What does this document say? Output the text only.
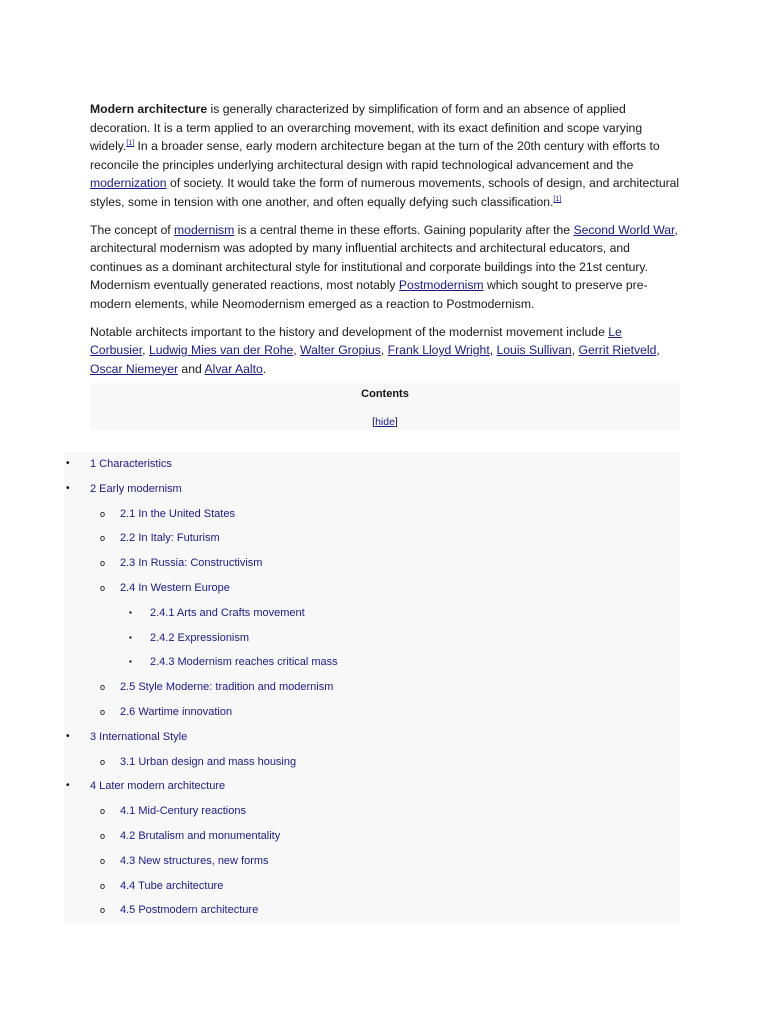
Modern architecture is generally characterized by simplification of form and an absence of applied decoration. It is a term applied to an overarching movement, with its exact definition and scope varying widely.[1] In a broader sense, early modern architecture began at the turn of the 20th century with efforts to reconcile the principles underlying architectural design with rapid technological advancement and the modernization of society. It would take the form of numerous movements, schools of design, and architectural styles, some in tension with one another, and often equally defying such classification.[1]

The concept of modernism is a central theme in these efforts. Gaining popularity after the Second World War, architectural modernism was adopted by many influential architects and architectural educators, and continues as a dominant architectural style for institutional and corporate buildings into the 21st century. Modernism eventually generated reactions, most notably Postmodernism which sought to preserve pre-modern elements, while Neomodernism emerged as a reaction to Postmodernism.

Notable architects important to the history and development of the modernist movement include Le Corbusier, Ludwig Mies van der Rohe, Walter Gropius, Frank Lloyd Wright, Louis Sullivan, Gerrit Rietveld, Oscar Niemeyer and Alvar Aalto.

Contents
[hide]
• 1 Characteristics
• 2 Early modernism
o 2.1 In the United States
o 2.2 In Italy: Futurism
o 2.3 In Russia: Constructivism
o 2.4 In Western Europe
▪ 2.4.1 Arts and Crafts movement
▪ 2.4.2 Expressionism
▪ 2.4.3 Modernism reaches critical mass
o 2.5 Style Moderne: tradition and modernism
o 2.6 Wartime innovation
• 3 International Style
o 3.1 Urban design and mass housing
• 4 Later modern architecture
o 4.1 Mid-Century reactions
o 4.2 Brutalism and monumentality
o 4.3 New structures, new forms
o 4.4 Tube architecture
o 4.5 Postmodern architecture
